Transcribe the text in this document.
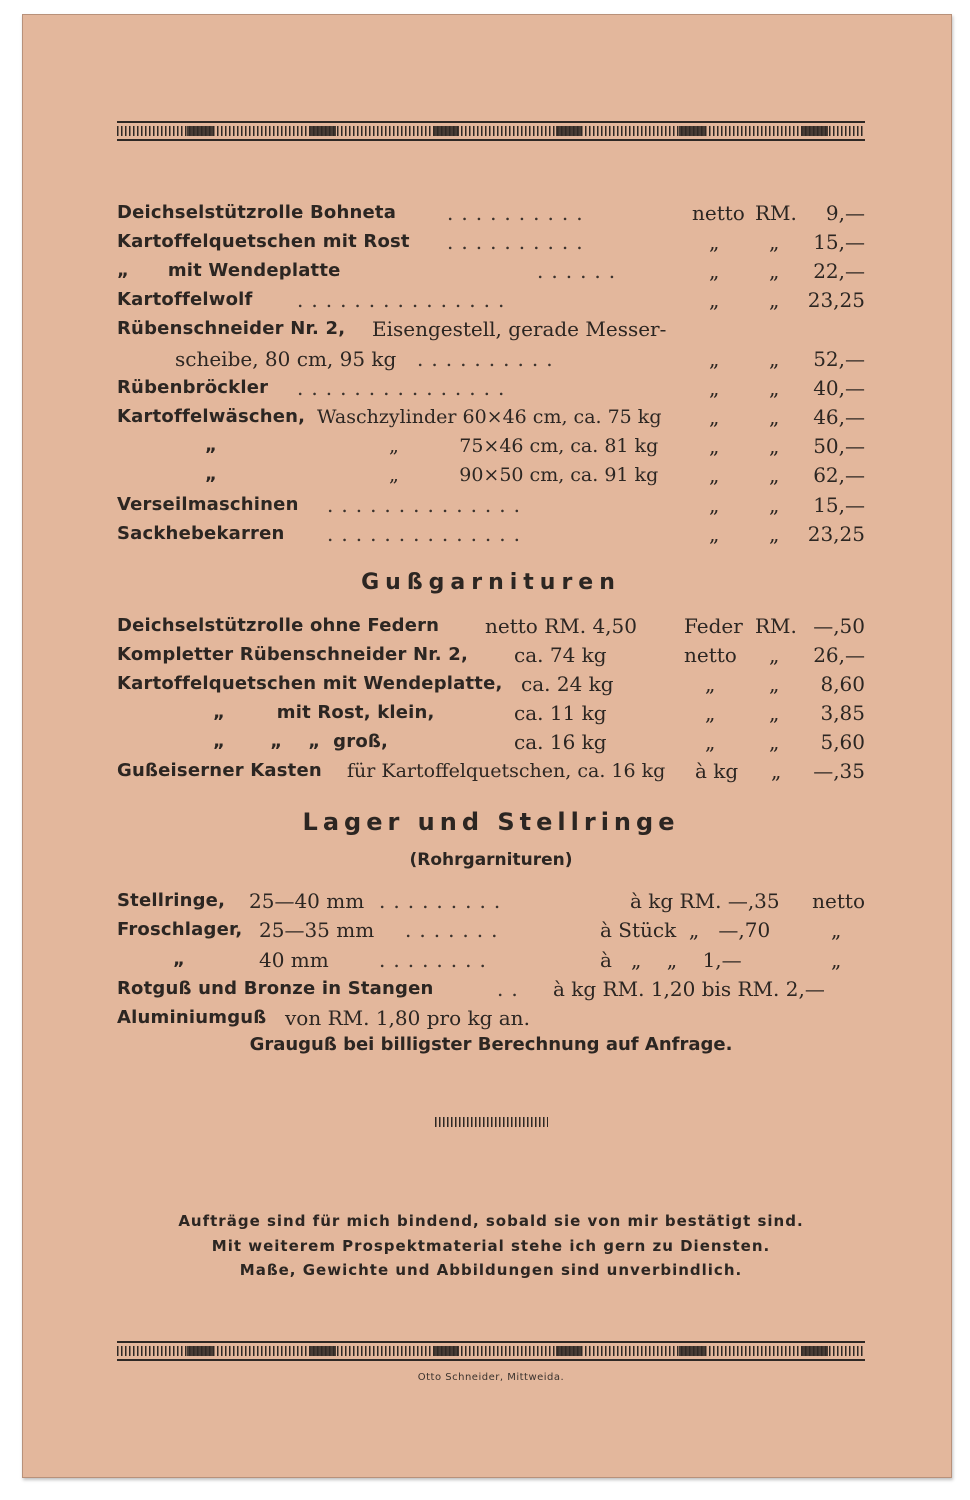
Deichselstützrolle Bohneta	..........	netto RM. 9,—
Kartoffelquetschen mit Rost ..........	„ „ 15,—
„      mit Wendeplatte	......	„ „ 22,—
Kartoffelwolf ...............	„ „ 23,25
Rübenschneider Nr. 2, Eisengestell, gerade Messer-
scheibe, 80 cm, 95 kg ..........	„ „ 52,—
Rübenbröckler ...............	„ „ 40,—
Kartoffelwäschen, Waschzylinder 60×46 cm, ca. 75 kg „ „ 46,—
„	„          75×46 cm, ca. 81 kg	„ „ 50,—
„	„          90×50 cm, ca. 91 kg	„ „ 62,—
Verseilmaschinen ..............	„ „ 15,—
Sackhebekarren ..............	„ „ 23,25
Gußgarnituren
Deichselstützrolle ohne Federn netto RM. 4,50 Feder RM. —,50
Kompletter Rübenschneider Nr. 2, ca. 74 kg	netto „ 26,—
Kartoffelquetschen mit Wendeplatte, ca. 24 kg	„	„ 8,60
„        mit Rost, klein,	ca. 11 kg	„	„ 3,85
„       „    „  groß,	ca. 16 kg	„	„ 5,60
Gußeiserner Kasten für Kartoffelquetschen, ca. 16 kg à kg „ —,35
Lager und Stellringe
(Rohrgarnituren)
Stellringe, 25—40 mm .........	à kg RM. —,35 netto
Froschlager, 25—35 mm .......	à Stück  „   —,70	„
„	40 mm	........	à   „    „    1,—	„
Rotguß und Bronze in Stangen	..	à kg RM. 1,20 bis RM. 2,—
Aluminiumguß von RM. 1,80 pro kg an.
Grauguß bei billigster Berechnung auf Anfrage.
Aufträge sind für mich bindend, sobald sie von mir bestätigt sind.
Mit weiterem Prospektmaterial stehe ich gern zu Diensten.
Maße, Gewichte und Abbildungen sind unverbindlich.
Otto Schneider, Mittweida.
